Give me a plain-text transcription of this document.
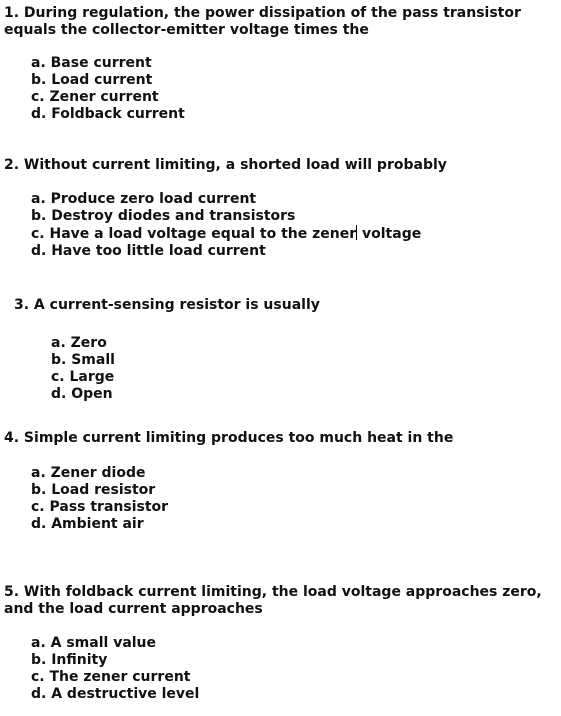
1. During regulation, the power dissipation of the pass transistor
equals the collector-emitter voltage times the

a. Base current
b. Load current
c. Zener current
d. Foldback current

2. Without current limiting, a shorted load will probably

a. Produce zero load current
b. Destroy diodes and transistors
c. Have a load voltage equal to the zener voltage
d. Have too little load current

3. A current-sensing resistor is usually

a. Zero
b. Small
c. Large
d. Open

4. Simple current limiting produces too much heat in the

a. Zener diode
b. Load resistor
c. Pass transistor
d. Ambient air

5. With foldback current limiting, the load voltage approaches zero,
and the load current approaches

a. A small value
b. Infinity
c. The zener current
d. A destructive level
